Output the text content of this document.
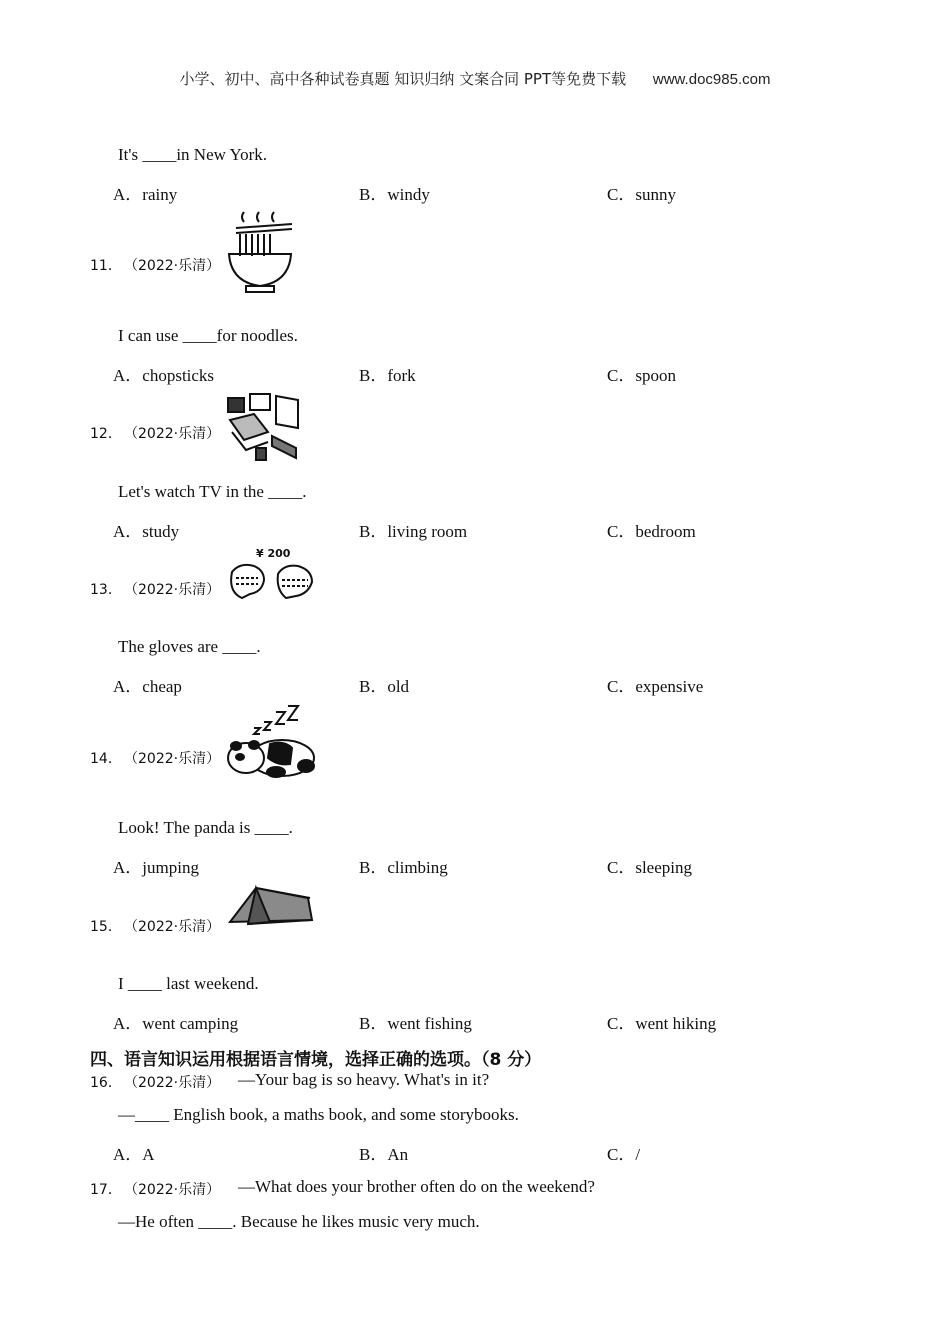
小学、初中、高中各种试卷真题 知识归纳 文案合同 PPT等免费下载 www.doc985.com
It's ____in New York.
A．rainy	B．windy	C．sunny
11． （2022·乐清）
I can use ____for noodles.
A．chopsticks	B．fork	C．spoon
12． （2022·乐清）
Let's watch TV in the ____.
A．study	B．living room	C．bedroom
13． （2022·乐清）
¥ 200
The gloves are ____.
A．cheap	B．old	C．expensive
14． （2022·乐清）
Look! The panda is ____.
A．jumping	B．climbing	C．sleeping
15． （2022·乐清）
I ____ last weekend.
A．went camping	B．went fishing	C．went hiking
四、语言知识运用根据语言情境，选择正确的选项。（8 分）
16． （2022·乐清） —Your bag is so heavy. What's in it?
—____ English book, a maths book, and some storybooks.
A．A	B．An	C．/
17． （2022·乐清） —What does your brother often do on the weekend?
—He often ____. Because he likes music very much.
